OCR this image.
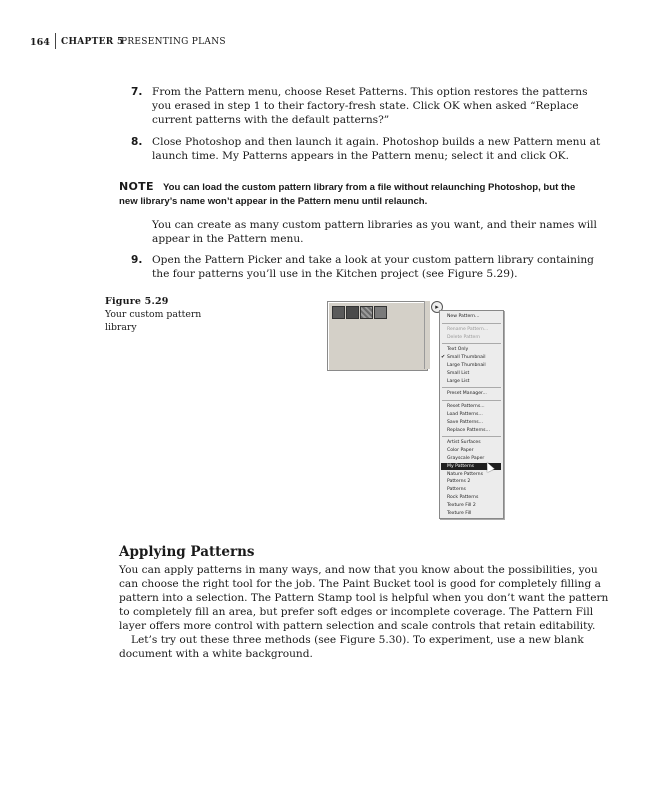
164 CHAPTER 5
PRESENTING PLANS
7. From the Pattern menu, choose Reset Patterns. This option restores the patterns you erased in step 1 to their factory-fresh state. Click OK when asked “Replace current patterns with the default patterns?”
8. Close Photoshop and then launch it again. Photoshop builds a new Pattern menu at launch time. My Patterns appears in the Pattern menu; select it and click OK.
NOTE You can load the custom pattern library from a file without relaunching Photoshop, but the new library’s name won’t appear in the Pattern menu until relaunch.
You can create as many custom pattern libraries as you want, and their names will appear in the Pattern menu.
9. Open the Pattern Picker and take a look at your custom pattern library containing the four patterns you’ll use in the Kitchen project (see Figure 5.29).
Figure 5.29
Your custom pattern library
▸
New Pattern...
Rename Pattern...
Delete Pattern
Text Only
Small Thumbnail
✔
Large Thumbnail
Small List
Large List
Preset Manager...
Reset Patterns...
Load Patterns...
Save Patterns...
Replace Patterns...
Artist Surfaces
Color Paper
Grayscale Paper
My Patterns
Nature Patterns
Patterns 2
Patterns
Rock Patterns
Texture Fill 2
Texture Fill
Applying Patterns
You can apply patterns in many ways, and now that you know about the possibilities, you can choose the right tool for the job. The Paint Bucket tool is good for completely filling a pattern into a selection. The Pattern Stamp tool is helpful when you don’t want the pattern to completely fill an area, but prefer soft edges or incomplete coverage. The Pattern Fill layer offers more control with pattern selection and scale controls that retain editability.
Let’s try out these three methods (see Figure 5.30). To experiment, use a new blank document with a white background.
